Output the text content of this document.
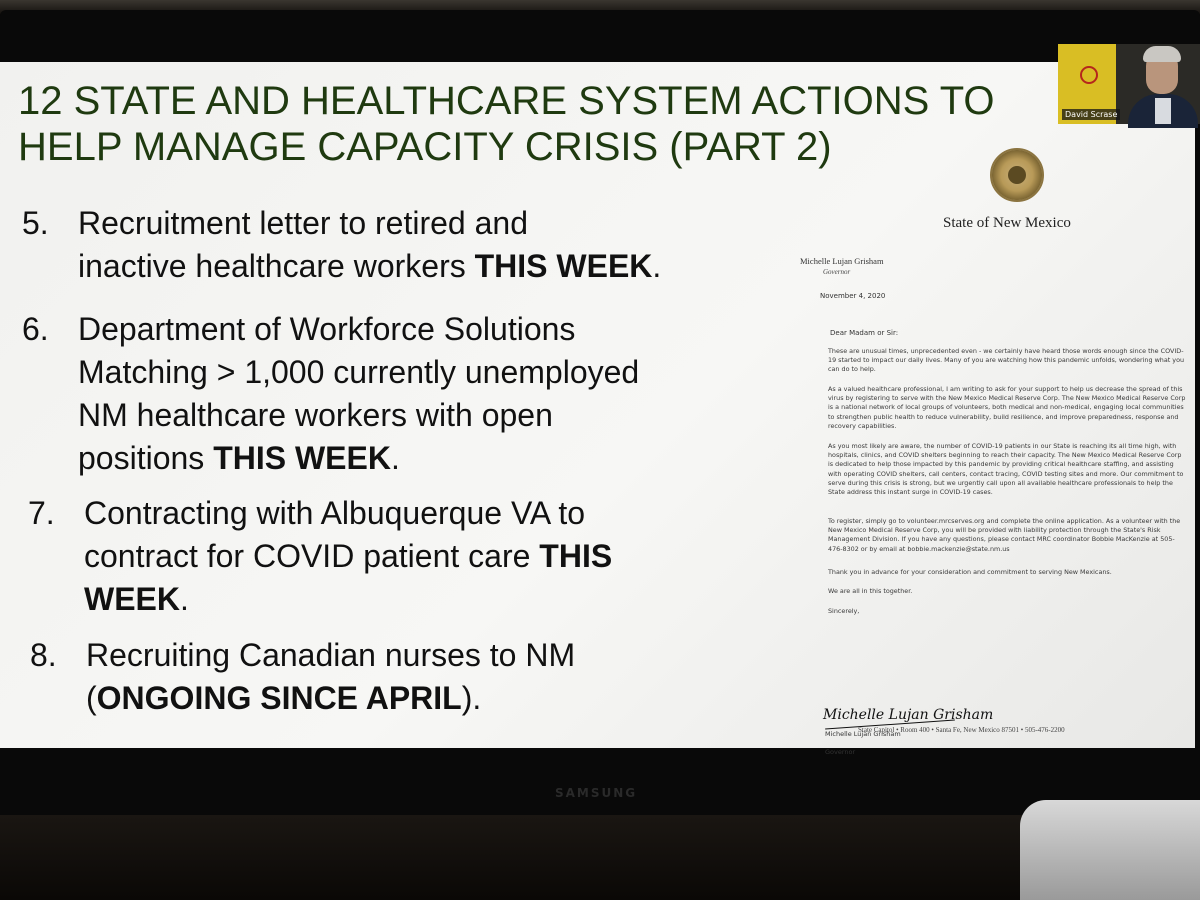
SAMSUNG
12 STATE AND HEALTHCARE SYSTEM ACTIONS TO
HELP MANAGE CAPACITY CRISIS (PART 2)
5. Recruitment letter to retired and
inactive healthcare workers THIS WEEK.
6. Department of Workforce Solutions
Matching > 1,000 currently unemployed
NM healthcare workers with open
positions THIS WEEK.
7. Contracting with Albuquerque VA to
contract for COVID patient care THIS
WEEK.
8. Recruiting Canadian nurses to NM
(ONGOING SINCE APRIL).
State of New Mexico
Michelle Lujan Grisham
Governor
November 4, 2020
Dear Madam or Sir:
These are unusual times, unprecedented even - we certainly have heard those words enough since the COVID-19 started to impact our daily lives. Many of you are watching how this pandemic unfolds, wondering what you can do to help.
As a valued healthcare professional, I am writing to ask for your support to help us decrease the spread of this virus by registering to serve with the New Mexico Medical Reserve Corp. The New Mexico Medical Reserve Corp is a national network of local groups of volunteers, both medical and non-medical, engaging local communities to strengthen public health to reduce vulnerability, build resilience, and improve preparedness, response and recovery capabilities.
As you most likely are aware, the number of COVID-19 patients in our State is reaching its all time high, with hospitals, clinics, and COVID shelters beginning to reach their capacity. The New Mexico Medical Reserve Corp is dedicated to help those impacted by this pandemic by providing critical healthcare staffing, and assisting with operating COVID shelters, call centers, contact tracing, COVID testing sites and more. Our commitment to serve during this crisis is strong, but we urgently call upon all available healthcare professionals to help the State address this instant surge in COVID-19 cases.
To register, simply go to volunteer.mrcserves.org and complete the online application. As a volunteer with the New Mexico Medical Reserve Corp, you will be provided with liability protection through the State's Risk Management Division. If you have any questions, please contact MRC coordinator Bobbie MacKenzie at 505-476-8302 or by email at bobbie.mackenzie@state.nm.us
Thank you in advance for your consideration and commitment to serving New Mexicans.
We are all in this together.
Sincerely,
Michelle Lujan Grisham
Michelle Lujan Grisham
Governor
State Capitol • Room 400 • Santa Fe, New Mexico 87501 • 505-476-2200
David Scrase
